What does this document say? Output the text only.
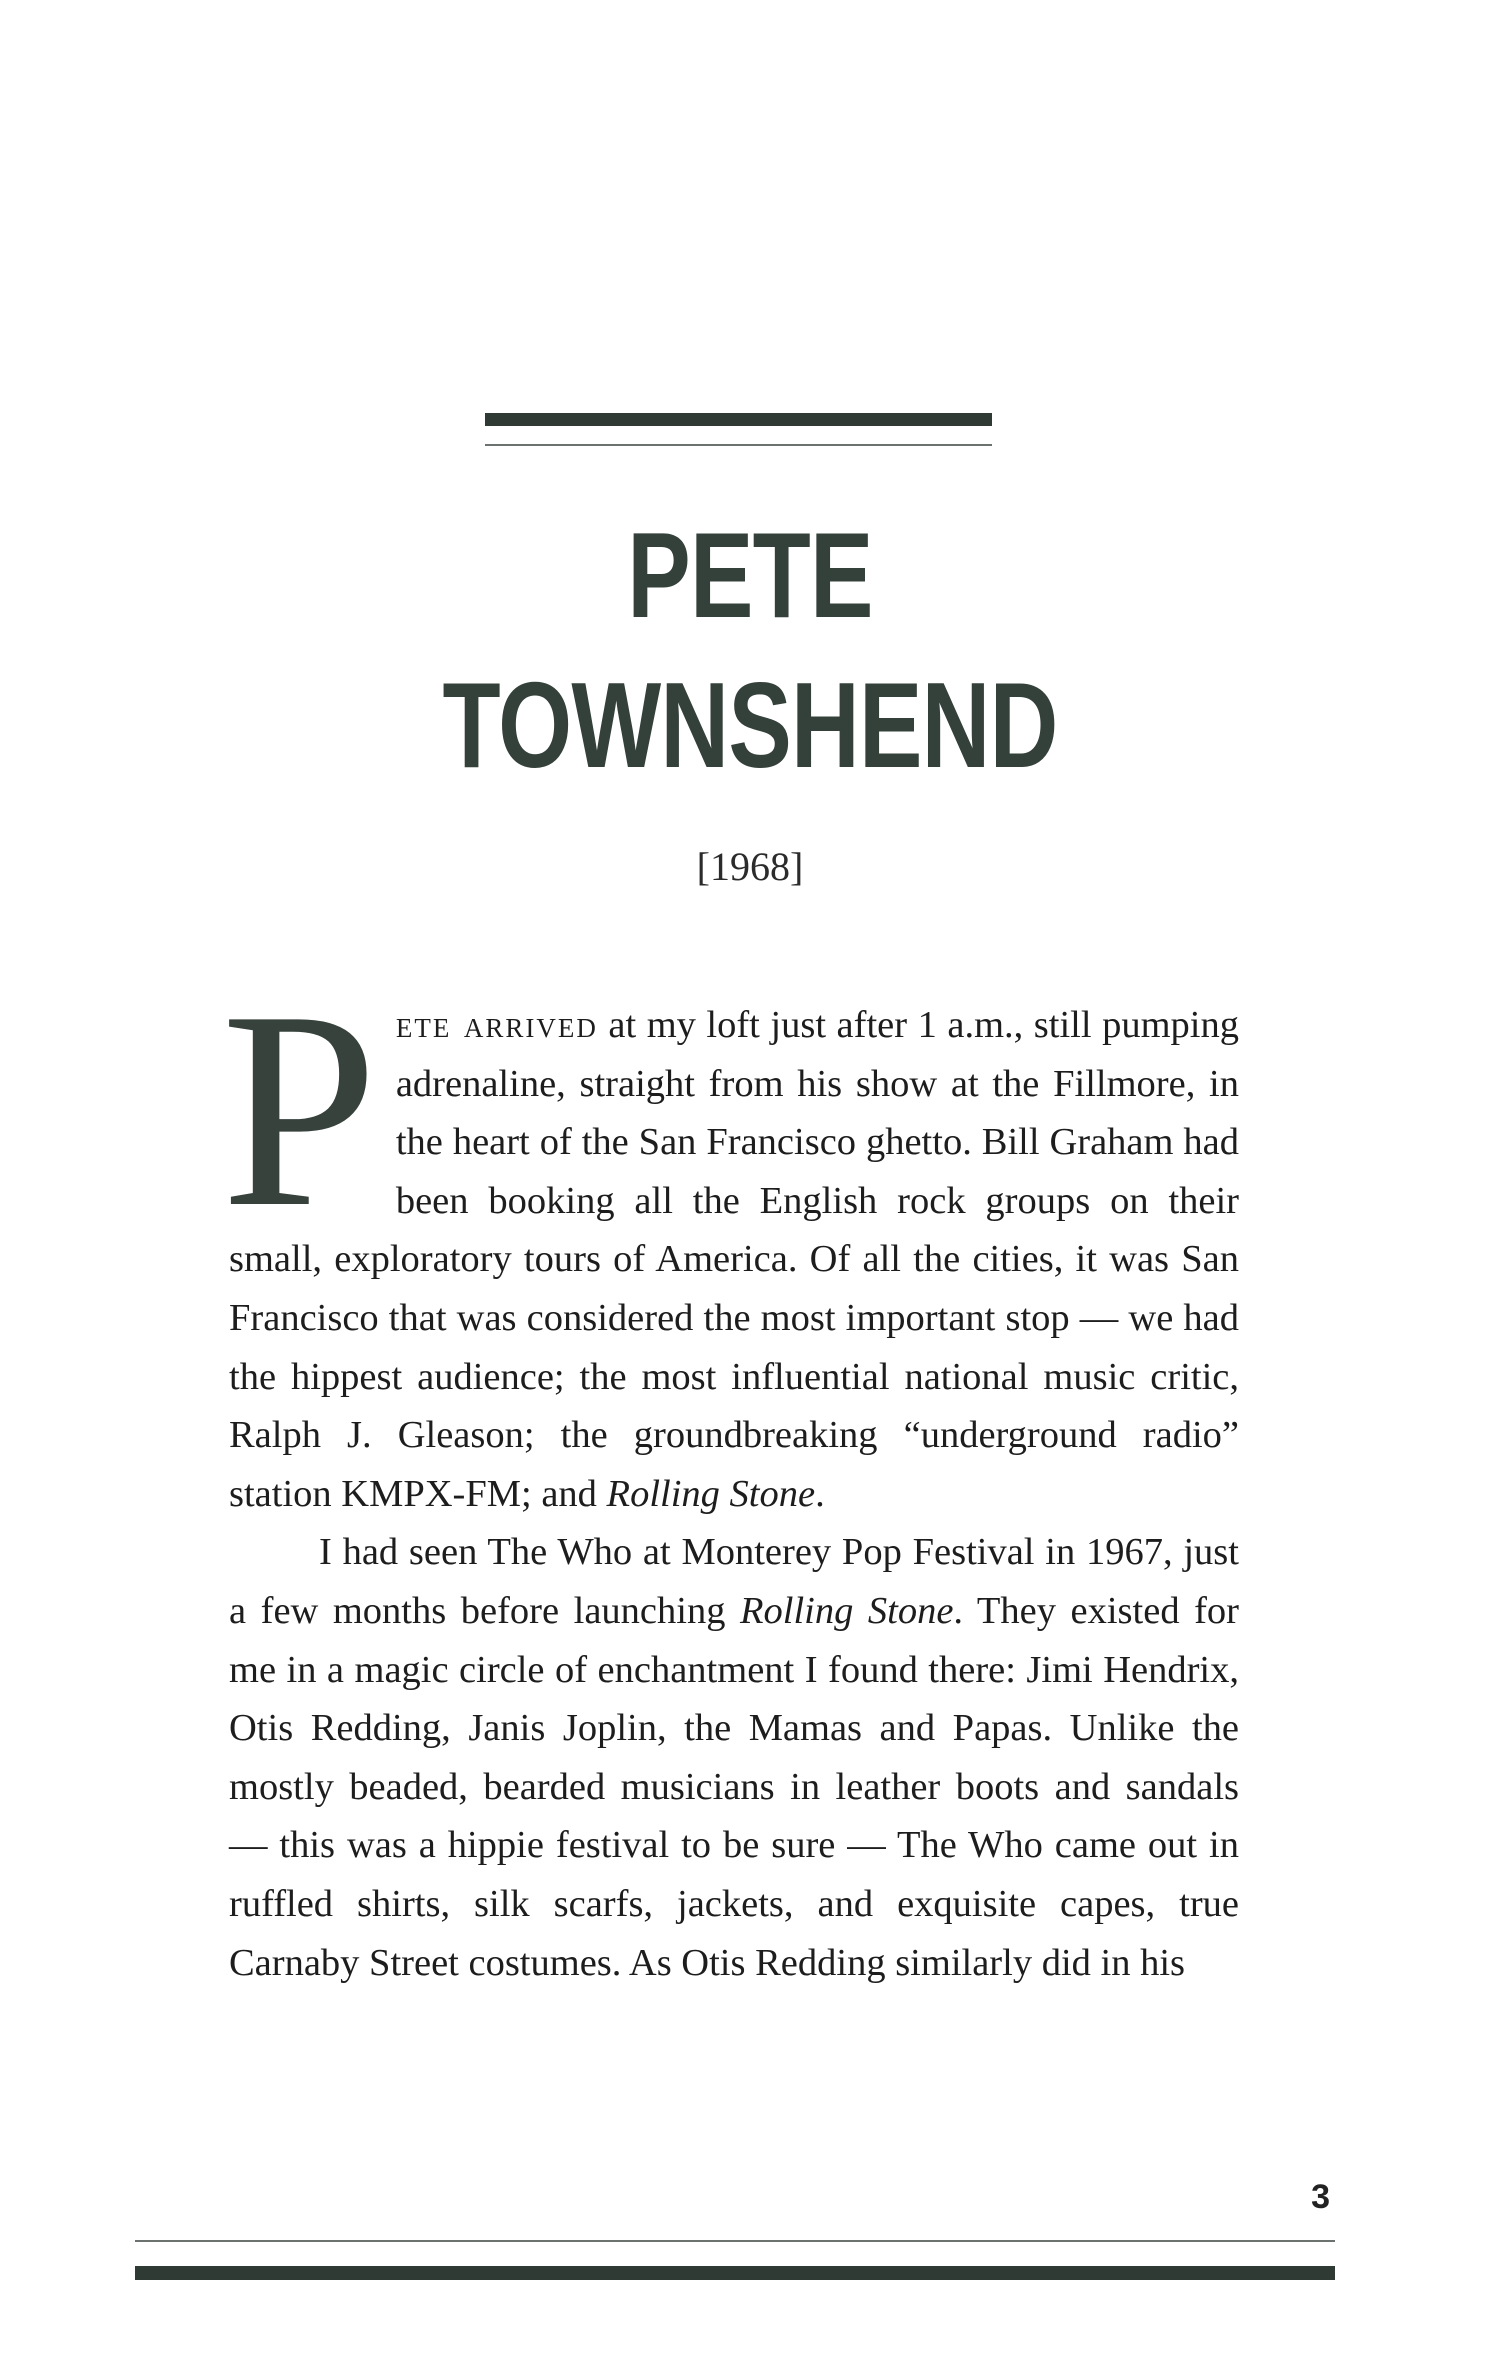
PETE
TOWNSHEND
[1968]

Pete arrived at my loft just after 1 a.m., still pumping adrenaline, straight from his show at the Fillmore, in the heart of the San Francisco ghetto. Bill Graham had been booking all the English rock groups on their small, exploratory tours of America. Of all the cities, it was San Francisco that was considered the most important stop — we had the hippest audience; the most influential national music critic, Ralph J. Gleason; the groundbreaking “underground radio” station KMPX-FM; and Rolling Stone.

I had seen The Who at Monterey Pop Festival in 1967, just a few months before launching Rolling Stone. They existed for me in a magic circle of enchantment I found there: Jimi Hendrix, Otis Redding, Janis Joplin, the Mamas and Papas. Unlike the mostly beaded, bearded musicians in leather boots and sandals — this was a hippie festival to be sure — The Who came out in ruffled shirts, silk scarfs, jackets, and exquisite capes, true Carnaby Street costumes. As Otis Redding similarly did in his

3
